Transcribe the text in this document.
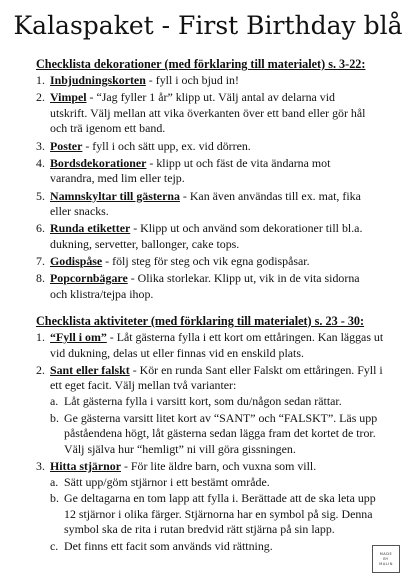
Kalaspaket - First Birthday blå
Checklista dekorationer (med förklaring till materialet) s. 3-22:
1. Inbjudningskorten - fyll i och bjud in!
2. Vimpel - “Jag fyller 1 år” klipp ut. Välj antal av delarna vid utskrift. Välj mellan att vika överkanten över ett band eller gör hål och trä igenom ett band.
3. Poster - fyll i och sätt upp, ex. vid dörren.
4. Bordsdekorationer - klipp ut och fäst de vita ändarna mot varandra, med lim eller tejp.
5. Namnskyltar till gästerna - Kan även användas till ex. mat, fika eller snacks.
6. Runda etiketter - Klipp ut och använd som dekorationer till bl.a. dukning, servetter, ballonger, cake tops.
7. Godispåse - följ steg för steg och vik egna godispåsar.
8. Popcornbägare - Olika storlekar. Klipp ut, vik in de vita sidorna och klistra/tejpa ihop.
Checklista aktiviteter (med förklaring till materialet) s. 23 - 30:
1. “Fyll i om” - Låt gästerna fylla i ett kort om ettåringen. Kan läggas ut vid dukning, delas ut eller finnas vid en enskild plats.
2. Sant eller falskt - Kör en runda Sant eller Falskt om ettåringen. Fyll i ett eget facit. Välj mellan två varianter:
a. Låt gästerna fylla i varsitt kort, som du/någon sedan rättar.
b. Ge gästerna varsitt litet kort av “SANT” och “FALSKT”. Läs upp påståendena högt, låt gästerna sedan lägga fram det kortet de tror. Välj själva hur “hemligt” ni vill göra gissningen.
3. Hitta stjärnor - För lite äldre barn, och vuxna som vill.
a. Sätt upp/göm stjärnor i ett bestämt område.
b. Ge deltagarna en tom lapp att fylla i. Berättade att de ska leta upp 12 stjärnor i olika färger. Stjärnorna har en symbol på sig. Denna symbol ska de rita i rutan bredvid rätt stjärna på sin lapp.
c. Det finns ett facit som används vid rättning.
MADE
BY
MALIN
